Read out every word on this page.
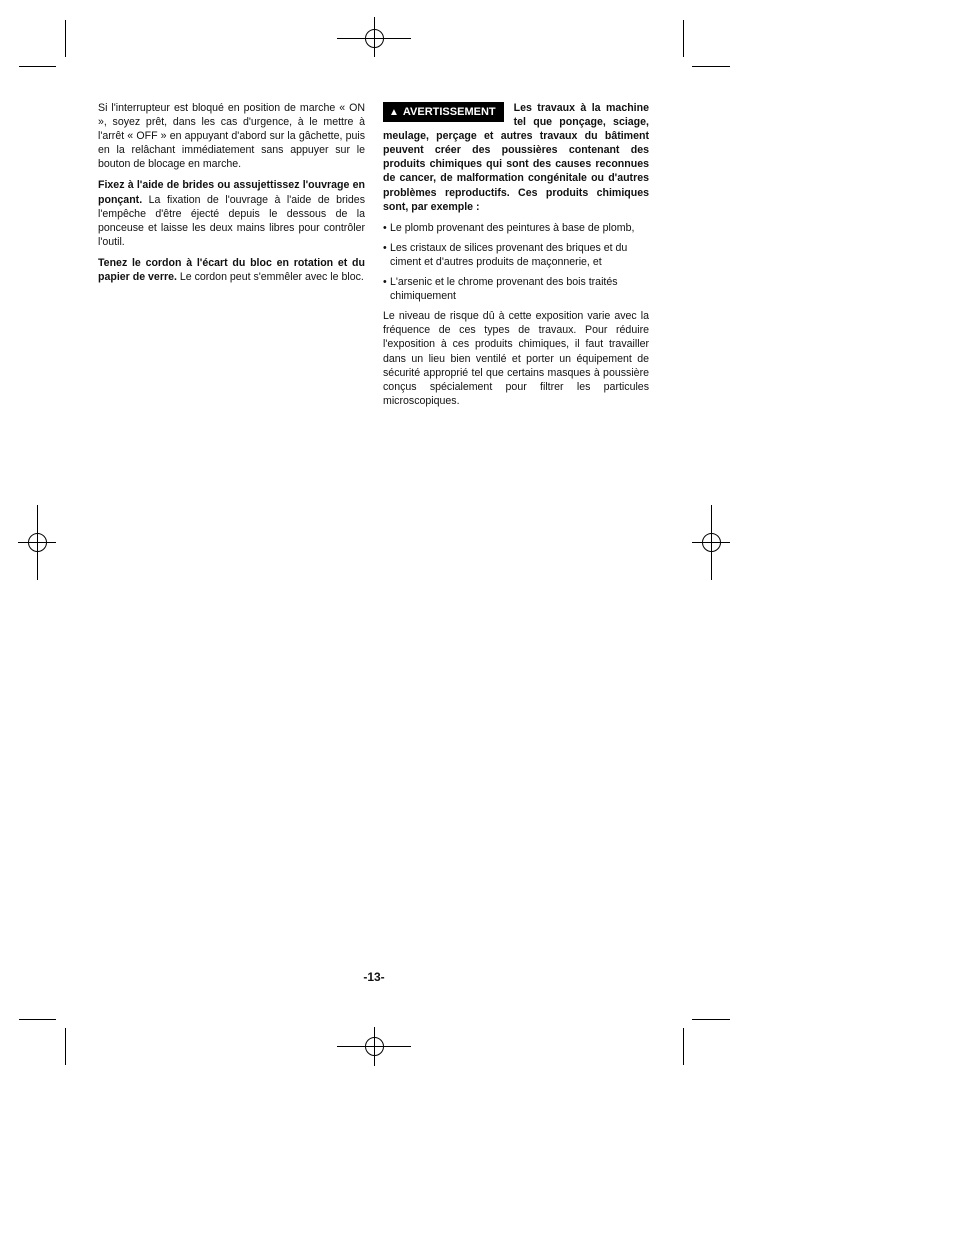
Si l'interrupteur est bloqué en position de marche « ON », soyez prêt, dans les cas d'urgence, à le mettre à l'arrêt « OFF » en appuyant d'abord sur la gâchette, puis en la relâchant immédiatement sans appuyer sur le bouton de blocage en marche.

Fixez à l'aide de brides ou assujettissez l'ouvrage en ponçant. La fixation de l'ouvrage à l'aide de brides l'empêche d'être éjecté depuis le dessous de la ponceuse et laisse les deux mains libres pour contrôler l'outil.

Tenez le cordon à l'écart du bloc en rotation et du papier de verre. Le cordon peut s'emmêler avec le bloc.

▲ AVERTISSEMENT	Les travaux à la machine tel que ponçage, sciage, meulage, perçage et autres travaux du bâtiment peuvent créer des poussières contenant des produits chimiques qui sont des causes reconnues de cancer, de malformation congénitale ou d'autres problèmes reproductifs. Ces produits chimiques sont, par exemple :
• Le plomb provenant des peintures à base de plomb,
• Les cristaux de silices provenant des briques et du ciment et d'autres produits de maçonnerie, et
• L'arsenic et le chrome provenant des bois traités chimiquement

Le niveau de risque dû à cette exposition varie avec la fréquence de ces types de travaux. Pour réduire l'exposition à ces produits chimiques, il faut travailler dans un lieu bien ventilé et porter un équipement de sécurité approprié tel que certains masques à poussière conçus spécialement pour filtrer les particules microscopiques.

-13-
